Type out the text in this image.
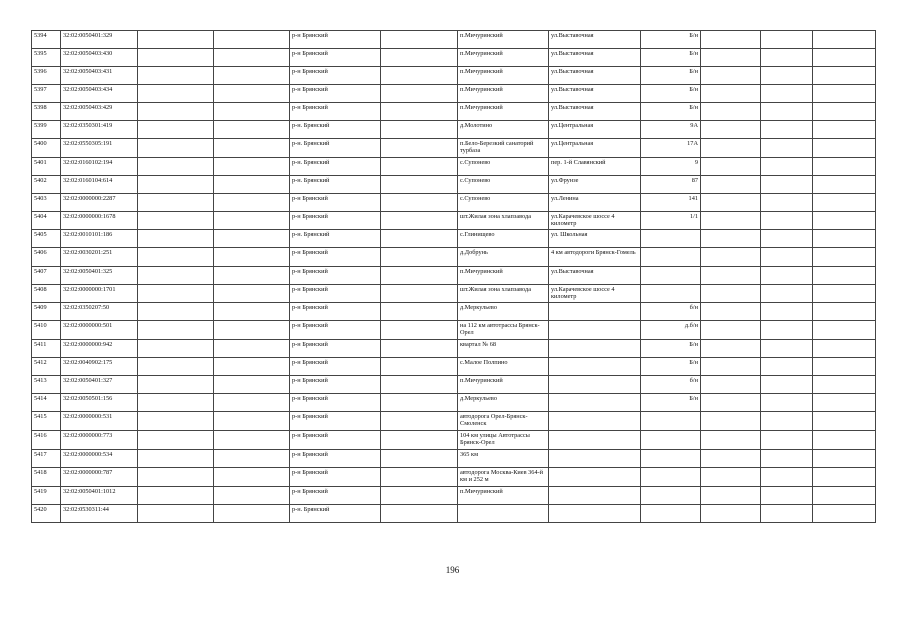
5394	32:02:0050401:329			р-н Брянский		п.Мичуринский	ул.Выставочная	Б/н			
5395	32:02:0050403:430			р-н Брянский		п.Мичуринский	ул.Выставочная	Б/н			
5396	32:02:0050403:431			р-н Брянский		п.Мичуринский	ул.Выставочная	Б/н			
5397	32:02:0050403:434			р-н Брянский		п.Мичуринский	ул.Выставочная	Б/н			
5398	32:02:0050403:429			р-н Брянский		п.Мичуринский	ул.Выставочная	Б/н			
5399	32:02:0350301:419			р-н. Брянский		д.Молотино	ул.Центральная	9А			
5400	32:02:0550305:191			р-н. Брянский		п.Бело-Березкий санаторий турбаза	ул.Центральная	17А			
5401	32:02:0160102:194			р-н. Брянский		с.Супонево	пер. 1-й Славянский	9			
5402	32:02:0160104:614			р-н. Брянский		с.Супонево	ул.Фрунзе	87			
5403	32:02:0000000:2287			р-н Брянский		с.Супонево	ул.Ленина	141			
5404	32:02:0000000:1678			р-н Брянский		шт.Жилая зона хлапзавода	ул.Карачевское шоссе 4 километр	1/1			
5405	32:02:0010101:186			р-н. Брянский		с.Глинищево	ул. Школьная				
5406	32:02:0030201:251			р-н Брянский		д.Добрунь	4 км автодороги Брянск-Гомель				
5407	32:02:0050401:325			р-н Брянский		п.Мичуринский	ул.Выставочная				
5408	32:02:0000000:1701			р-н Брянский		шт.Жилая зона хлапзавода	ул.Карачевское шоссе 4 километр				
5409	32:02:0350207:50			р-н Брянский		д.Меркульево		б/н			
5410	32:02:0000000:501			р-н Брянский		на 112 км автотрассы Брянск-Орел		д.б/н			
5411	32:02:0000000:942			р-н Брянский		квартал № 68		Б/н			
5412	32:02:0040902:175			р-н Брянский		с.Малое Полпино		Б/н			
5413	32:02:0050401:327			р-н Брянский		п.Мичуринский		б/н			
5414	32:02:0050501:156			р-н Брянский		д.Меркульево		Б/н			
5415	32:02:0000000:531			р-н Брянский		автодорога Орел-Брянск-Смоленск					
5416	32:02:0000000:773			р-н Брянский		104 км улицы Автотрассы Брянск-Орел					
5417	32:02:0000000:534			р-н Брянский		365 км					
5418	32:02:0000000:787			р-н Брянский		автодорога Москва-Киев 364-й км и 252 м					
5419	32:02:0050401:1012			р-н Брянский		п.Мичуринский					
5420	32:02:0530311:44			р-н. Брянский							
196
